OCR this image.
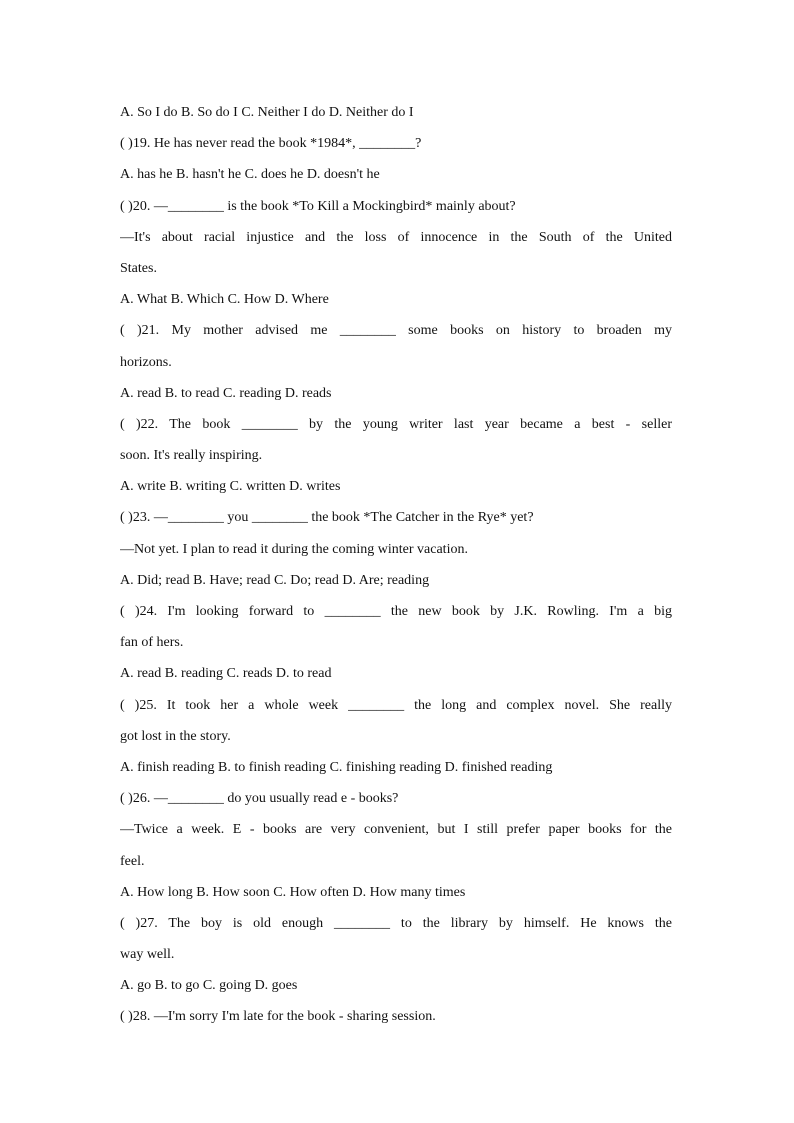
A. So I do B. So do I C. Neither I do D. Neither do I
( )19. He has never read the book *1984*, ________?
A. has he B. hasn't he C. does he D. doesn't he
( )20. —________ is the book *To Kill a Mockingbird* mainly about?
—It's about racial injustice and the loss of innocence in the South of the United
States.
A. What B. Which C. How D. Where
( )21. My mother advised me ________ some books on history to broaden my
horizons.
A. read B. to read C. reading D. reads
( )22. The book ________ by the young writer last year became a best - seller
soon. It's really inspiring.
A. write B. writing C. written D. writes
( )23. —________ you ________ the book *The Catcher in the Rye* yet?
—Not yet. I plan to read it during the coming winter vacation.
A. Did; read B. Have; read C. Do; read D. Are; reading
( )24. I'm looking forward to ________ the new book by J.K. Rowling. I'm a big
fan of hers.
A. read B. reading C. reads D. to read
( )25. It took her a whole week ________ the long and complex novel. She really
got lost in the story.
A. finish reading B. to finish reading C. finishing reading D. finished reading
( )26. —________ do you usually read e - books?
—Twice a week. E - books are very convenient, but I still prefer paper books for the
feel.
A. How long B. How soon C. How often D. How many times
( )27. The boy is old enough ________ to the library by himself. He knows the
way well.
A. go B. to go C. going D. goes
( )28. —I'm sorry I'm late for the book - sharing session.
